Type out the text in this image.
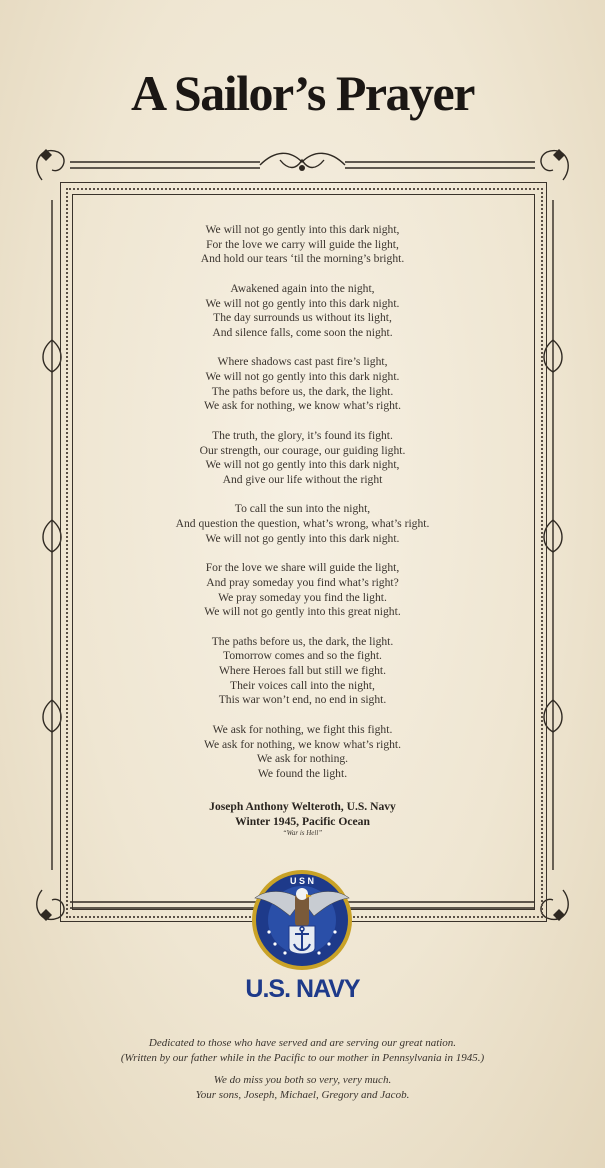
A Sailor’s Prayer
We will not go gently into this dark night,
For the love we carry will guide the light,
And hold our tears ‘til the morning’s bright.
Awakened again into the night,
We will not go gently into this dark night.
The day surrounds us without its light,
And silence falls, come soon the night.
Where shadows cast past fire’s light,
We will not go gently into this dark night.
The paths before us, the dark, the light.
We ask for nothing, we know what’s right.
The truth, the glory, it’s found its fight.
Our strength, our courage, our guiding light.
We will not go gently into this dark night,
And give our life without the right
To call the sun into the night,
And question the question, what’s wrong, what’s right.
We will not go gently into this dark night.
For the love we share will guide the light,
And pray someday you find what’s right?
We pray someday you find the light.
We will not go gently into this great night.
The paths before us, the dark, the light.
Tomorrow comes and so the fight.
Where Heroes fall but still we fight.
Their voices call into the night,
This war won’t end, no end in sight.
We ask for nothing, we fight this fight.
We ask for nothing, we know what’s right.
We ask for nothing.
We found the light.
Joseph Anthony Welteroth, U.S. Navy
Winter 1945, Pacific Ocean
“War is Hell”
U S N
U.S. NAVY
Dedicated to those who have served and are serving our great nation.
(Written by our father while in the Pacific to our mother in Pennsylvania in 1945.)
We do miss you both so very, very much.
Your sons, Joseph, Michael, Gregory and Jacob.
